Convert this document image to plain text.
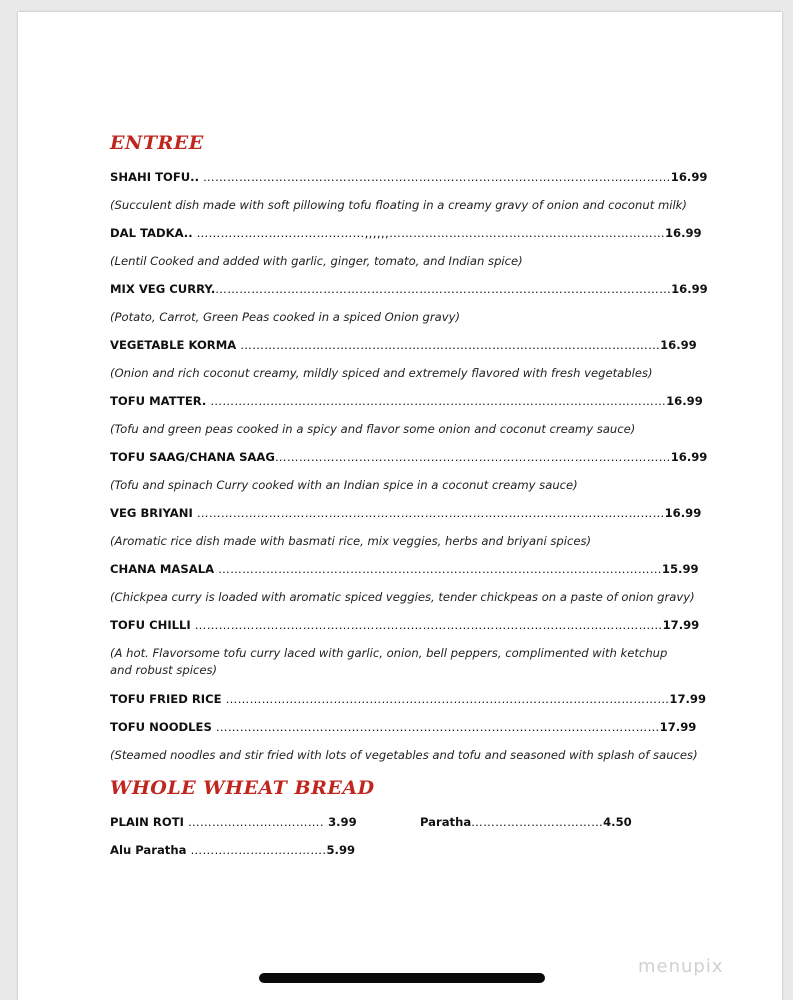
ENTREE
SHAHI TOFU.. ………………………………………………………………………………………………………16.99
(Succulent dish made with soft pillowing tofu floating in a creamy gravy of onion and coconut milk)
DAL TADKA.. ……………………………………,,,,,,……………………………………………………………16.99
(Lentil Cooked and added with garlic, ginger, tomato, and Indian spice)
MIX VEG CURRY.……………………………………………………………………………………………………16.99
(Potato, Carrot, Green Peas cooked in a spiced Onion gravy)
VEGETABLE KORMA ……………………………………………………………………………………………16.99
(Onion and rich coconut creamy, mildly spiced and extremely flavored with fresh vegetables)
TOFU MATTER. ……………………………………………………………………………………………………16.99
(Tofu and green peas cooked in a spicy and flavor some onion and coconut creamy sauce)
TOFU SAAG/CHANA SAAG………………………………………………………………………………………16.99
(Tofu and spinach Curry cooked with an Indian spice in a coconut creamy sauce)
VEG BRIYANI ………………………………………………………………………………………………………16.99
(Aromatic rice dish made with basmati rice, mix veggies, herbs and briyani spices)
CHANA MASALA …………………………………………………………………………………………………15.99
(Chickpea curry is loaded with aromatic spiced veggies, tender chickpeas on a paste of onion gravy)
TOFU CHILLI ………………………………………………………………………………………………………17.99
(A hot. Flavorsome tofu curry laced with garlic, onion, bell peppers, complimented with ketchup and robust spices)
TOFU FRIED RICE …………………………………………………………………………………………………17.99
TOFU NOODLES …………………………………………………………………………………………………17.99
(Steamed noodles and stir fried with lots of vegetables and tofu and seasoned with splash of sauces)
WHOLE WHEAT BREAD
PLAIN ROTI ……………………………. 3.99	Paratha……………………………4.50
Alu Paratha …………………………….5.99
menupix
